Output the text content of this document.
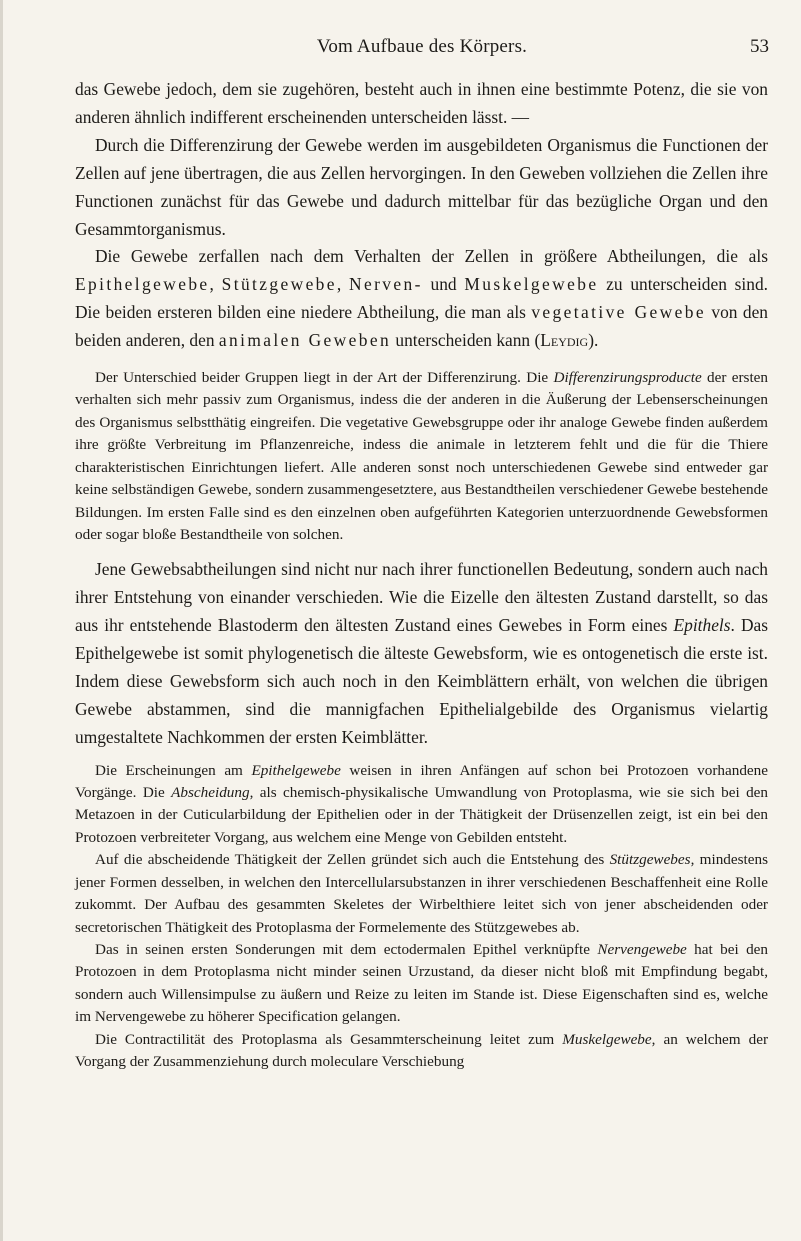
Vom Aufbaue des Körpers.	53

das Gewebe jedoch, dem sie zugehören, besteht auch in ihnen eine bestimmte Potenz, die sie von anderen ähnlich indifferent erscheinenden unterscheiden lässt. —

Durch die Differenzirung der Gewebe werden im ausgebildeten Organismus die Functionen der Zellen auf jene übertragen, die aus Zellen hervorgingen. In den Geweben vollziehen die Zellen ihre Functionen zunächst für das Gewebe und dadurch mittelbar für das bezügliche Organ und den Gesammtorganismus.

Die Gewebe zerfallen nach dem Verhalten der Zellen in größere Abtheilungen, die als Epithelgewebe, Stützgewebe, Nerven- und Muskelgewebe zu unterscheiden sind. Die beiden ersteren bilden eine niedere Abtheilung, die man als vegetative Gewebe von den beiden anderen, den animalen Geweben unterscheiden kann (Leydig).

Der Unterschied beider Gruppen liegt in der Art der Differenzirung. Die Differenzirungsproducte der ersten verhalten sich mehr passiv zum Organismus, indess die der anderen in die Äußerung der Lebenserscheinungen des Organismus selbstthätig eingreifen. Die vegetative Gewebsgruppe oder ihr analoge Gewebe finden außerdem ihre größte Verbreitung im Pflanzenreiche, indess die animale in letzterem fehlt und die für die Thiere charakteristischen Einrichtungen liefert. Alle anderen sonst noch unterschiedenen Gewebe sind entweder gar keine selbständigen Gewebe, sondern zusammengesetztere, aus Bestandtheilen verschiedener Gewebe bestehende Bildungen. Im ersten Falle sind es den einzelnen oben aufgeführten Kategorien unterzuordnende Gewebsformen oder sogar bloße Bestandtheile von solchen.

Jene Gewebsabtheilungen sind nicht nur nach ihrer functionellen Bedeutung, sondern auch nach ihrer Entstehung von einander verschieden. Wie die Eizelle den ältesten Zustand darstellt, so das aus ihr entstehende Blastoderm den ältesten Zustand eines Gewebes in Form eines Epithels. Das Epithelgewebe ist somit phylogenetisch die älteste Gewebsform, wie es ontogenetisch die erste ist. Indem diese Gewebsform sich auch noch in den Keimblättern erhält, von welchen die übrigen Gewebe abstammen, sind die mannigfachen Epithelialgebilde des Organismus vielartig umgestaltete Nachkommen der ersten Keimblätter.

Die Erscheinungen am Epithelgewebe weisen in ihren Anfängen auf schon bei Protozoen vorhandene Vorgänge. Die Abscheidung, als chemisch-physikalische Umwandlung von Protoplasma, wie sie sich bei den Metazoen in der Cuticularbildung der Epithelien oder in der Thätigkeit der Drüsenzellen zeigt, ist ein bei den Protozoen verbreiteter Vorgang, aus welchem eine Menge von Gebilden entsteht.

Auf die abscheidende Thätigkeit der Zellen gründet sich auch die Entstehung des Stützgewebes, mindestens jener Formen desselben, in welchen den Intercellularsubstanzen in ihrer verschiedenen Beschaffenheit eine Rolle zukommt. Der Aufbau des gesammten Skeletes der Wirbelthiere leitet sich von jener abscheidenden oder secretorischen Thätigkeit des Protoplasma der Formelemente des Stützgewebes ab.

Das in seinen ersten Sonderungen mit dem ectodermalen Epithel verknüpfte Nervengewebe hat bei den Protozoen in dem Protoplasma nicht minder seinen Urzustand, da dieser nicht bloß mit Empfindung begabt, sondern auch Willensimpulse zu äußern und Reize zu leiten im Stande ist. Diese Eigenschaften sind es, welche im Nervengewebe zu höherer Specification gelangen.

Die Contractilität des Protoplasma als Gesammterscheinung leitet zum Muskelgewebe, an welchem der Vorgang der Zusammenziehung durch moleculare Verschiebung
